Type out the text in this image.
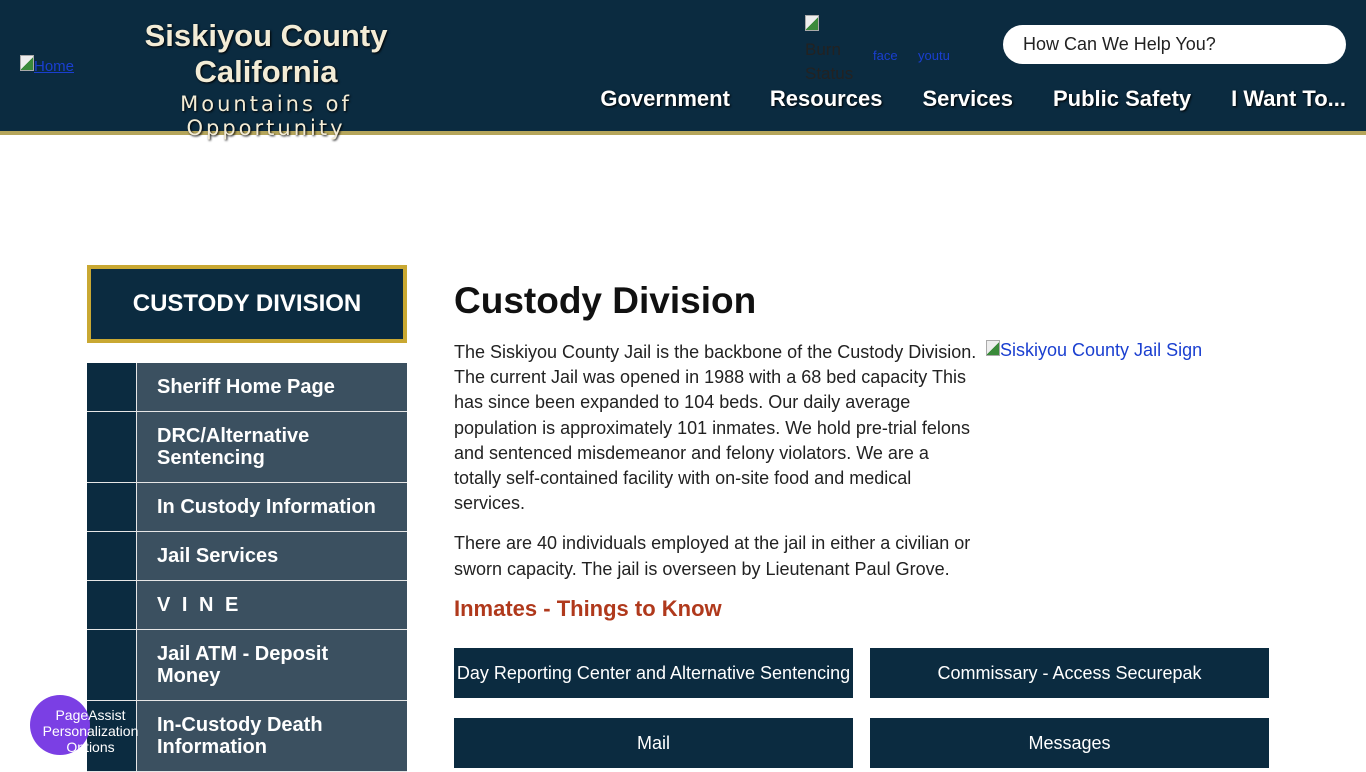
Home
Siskiyou County
California
Mountains of Opportunity

Burn Status
face	youtu
How Can We Help You?
Government Resources Services Public Safety I Want To...
CUSTODY DIVISION
Sheriff Home Page
DRC/Alternative Sentencing
In Custody Information
Jail Services
V I N E
Jail ATM - Deposit Money
In-Custody Death Information
Custody Division

The Siskiyou County Jail is the backbone of the Custody Division. The current Jail was opened in 1988 with a 68 bed capacity This has since been expanded to 104 beds. Our daily average population is approximately 101 inmates. We hold pre-trial felons and sentenced misdemeanor and felony violators. We are a totally self-contained facility with on-site food and medical services.

There are 40 individuals employed at the jail in either a civilian or sworn capacity. The jail is overseen by Lieutenant Paul Grove.

Siskiyou County Jail Sign
Inmates - Things to Know
Day Reporting Center and Alternative Sentencing	Commissary - Access Securepak
Mail	Messages
PageAssist Personalization Options
